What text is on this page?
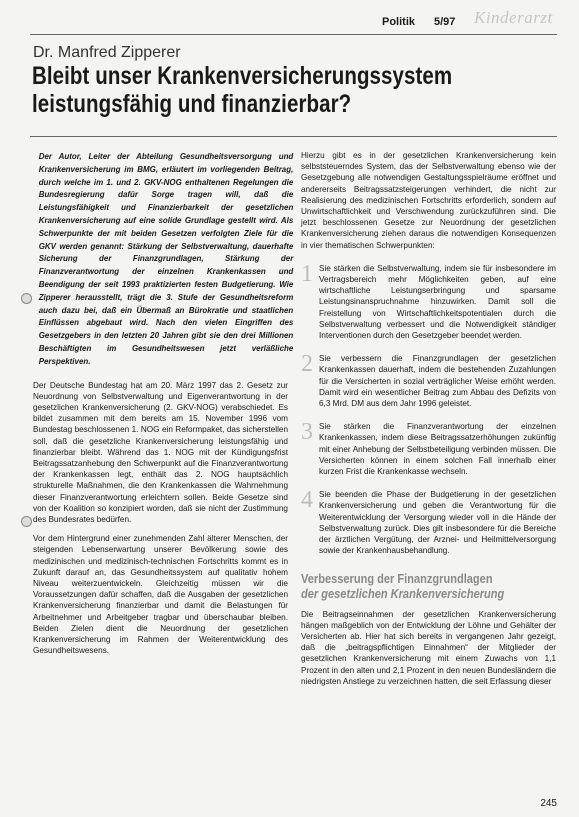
Politik 5/97 Kinderarzt
Dr. Manfred Zipperer
Bleibt unser Krankenversicherungssystem
leistungsfähig und finanzierbar?
Der Autor, Leiter der Abteilung Gesundheitsversorgung und Krankenversicherung im BMG, erläutert im vorliegenden Beitrag, durch welche im 1. und 2. GKV-NOG enthaltenen Regelungen die Bundesregierung dafür Sorge tragen will, daß die Leistungsfähigkeit und Finanzierbarkeit der gesetzlichen Krankenversicherung auf eine solide Grundlage gestellt wird. Als Schwerpunkte der mit beiden Gesetzen verfolgten Ziele für die GKV werden genannt: Stärkung der Selbstverwaltung, dauerhafte Sicherung der Finanzgrundlagen, Stärkung der Finanzverantwortung der einzelnen Krankenkassen und Beendigung der seit 1993 praktizierten festen Budgetierung. Wie Zipperer herausstellt, trägt die 3. Stufe der Gesundheitsreform auch dazu bei, daß ein Übermaß an Bürokratie und staatlichen Einflüssen abgebaut wird. Nach den vielen Eingriffen des Gesetzgebers in den letzten 20 Jahren gibt sie den drei Millionen Beschäftigten im Gesundheitswesen jetzt verläßliche Perspektiven.

Der Deutsche Bundestag hat am 20. März 1997 das 2. Gesetz zur Neuordnung von Selbstverwaltung und Eigenverantwortung in der gesetzlichen Krankenversicherung (2. GKV-NOG) verabschiedet. Es bildet zusammen mit dem bereits am 15. November 1996 vom Bundestag beschlossenen 1. NOG ein Reformpaket, das sicherstellen soll, daß die gesetzliche Krankenversicherung leistungsfähig und finanzierbar bleibt. Während das 1. NOG mit der Kündigungsfrist Beitragssatzanhebung den Schwerpunkt auf die Finanzverantwortung der Krankenkassen legt, enthält das 2. NOG hauptsächlich strukturelle Maßnahmen, die den Krankenkassen die Wahrnehmung dieser Finanzverantwortung erleichtern sollen. Beide Gesetze sind von der Koalition so konzipiert worden, daß sie nicht der Zustimmung des Bundesrates bedürfen.

Vor dem Hintergrund einer zunehmenden Zahl älterer Menschen, der steigenden Lebenserwartung unserer Bevölkerung sowie des medizinischen und medizinisch-technischen Fortschritts kommt es in Zukunft darauf an, das Gesundheitssystem auf qualitativ hohem Niveau weiterzuentwickeln. Gleichzeitig müssen wir die Voraussetzungen dafür schaffen, daß die Ausgaben der gesetzlichen Krankenversicherung finanzierbar und damit die Belastungen für Arbeitnehmer und Arbeitgeber tragbar und überschaubar bleiben. Beiden Zielen dient die Neuordnung der gesetzlichen Krankenversicherung im Rahmen der Weiterentwicklung des Gesundheitswesens.

Hierzu gibt es in der gesetzlichen Krankenversicherung kein selbststeuerndes System, das der Selbstverwaltung ebenso wie der Gesetzgebung alle notwendigen Gestaltungsspielräume eröffnet und andererseits Beitragssatzsteigerungen verhindert, die nicht zur Realisierung des medizinischen Fortschritts erforderlich, sondern auf Unwirtschaftlichkeit und Verschwendung zurückzuführen sind. Die jetzt beschlossenen Gesetze zur Neuordnung der gesetzlichen Krankenversicherung ziehen daraus die notwendigen Konsequenzen in vier thematischen Schwerpunkten:

1 Sie stärken die Selbstverwaltung, indem sie für insbesondere im Vertragsbereich mehr Möglichkeiten geben, auf eine wirtschaftliche Leistungserbringung und sparsame Leistungsinanspruchnahme hinzuwirken. Damit soll die Freistellung von Wirtschaftlichkeitspotentialen durch die Selbstverwaltung verbessert und die Notwendigkeit ständiger Interventionen durch den Gesetzgeber beendet werden.
2 Sie verbessern die Finanzgrundlagen der gesetzlichen Krankenkassen dauerhaft, indem die bestehenden Zuzahlungen für die Versicherten in sozial verträglicher Weise erhöht werden. Damit wird ein wesentlicher Beitrag zum Abbau des Defizits von 6,3 Mrd. DM aus dem Jahr 1996 geleistet.
3 Sie stärken die Finanzverantwortung der einzelnen Krankenkassen, indem diese Beitragssatzerhöhungen zukünftig mit einer Anhebung der Selbstbeteiligung verbinden müssen. Die Versicherten können in einem solchen Fall innerhalb einer kurzen Frist die Krankenkasse wechseln.
4 Sie beenden die Phase der Budgetierung in der gesetzlichen Krankenversicherung und geben die Verantwortung für die Weiterentwicklung der Versorgung wieder voll in die Hände der Selbstverwaltung zurück. Dies gilt insbesondere für die Bereiche der ärztlichen Vergütung, der Arznei- und Heilmittelversorgung sowie der Krankenhausbehandlung.
Verbesserung der Finanzgrundlagen
der gesetzlichen Krankenversicherung

Die Beitragseinnahmen der gesetzlichen Krankenversicherung hängen maßgeblich von der Entwicklung der Löhne und Gehälter der Versicherten ab. Hier hat sich bereits in vergangenen Jahr gezeigt, daß die „beitragspflichtigen Einnahmen“ der Mitglieder der gesetzlichen Krankenversicherung mit einem Zuwachs von 1,1 Prozent in den alten und 2,1 Prozent in den neuen Bundesländern die niedrigsten Anstiege zu verzeichnen hatten, die seit Erfassung dieser

245
